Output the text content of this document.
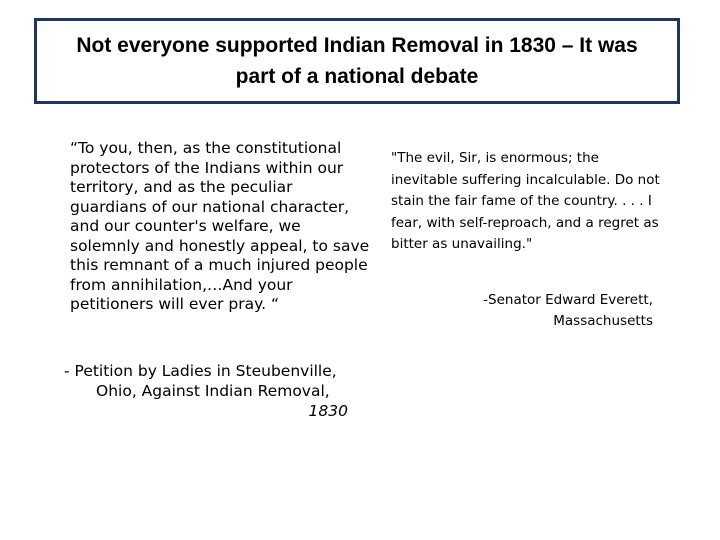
Not everyone supported Indian Removal in 1830 – It was part of a national debate

“To you, then, as the constitutional protectors of the Indians within our territory, and as the peculiar guardians of our national character, and our counter's welfare, we solemnly and honestly appeal, to save this remnant of a much injured people from annihilation,…And your petitioners will ever pray. “

- Petition by Ladies in Steubenville,
Ohio, Against Indian Removal,
1830

"The evil, Sir, is enormous; the inevitable suffering incalculable. Do not stain the fair fame of the country. . . . I fear, with self-reproach, and a regret as bitter as unavailing."

-Senator Edward Everett,
Massachusetts
